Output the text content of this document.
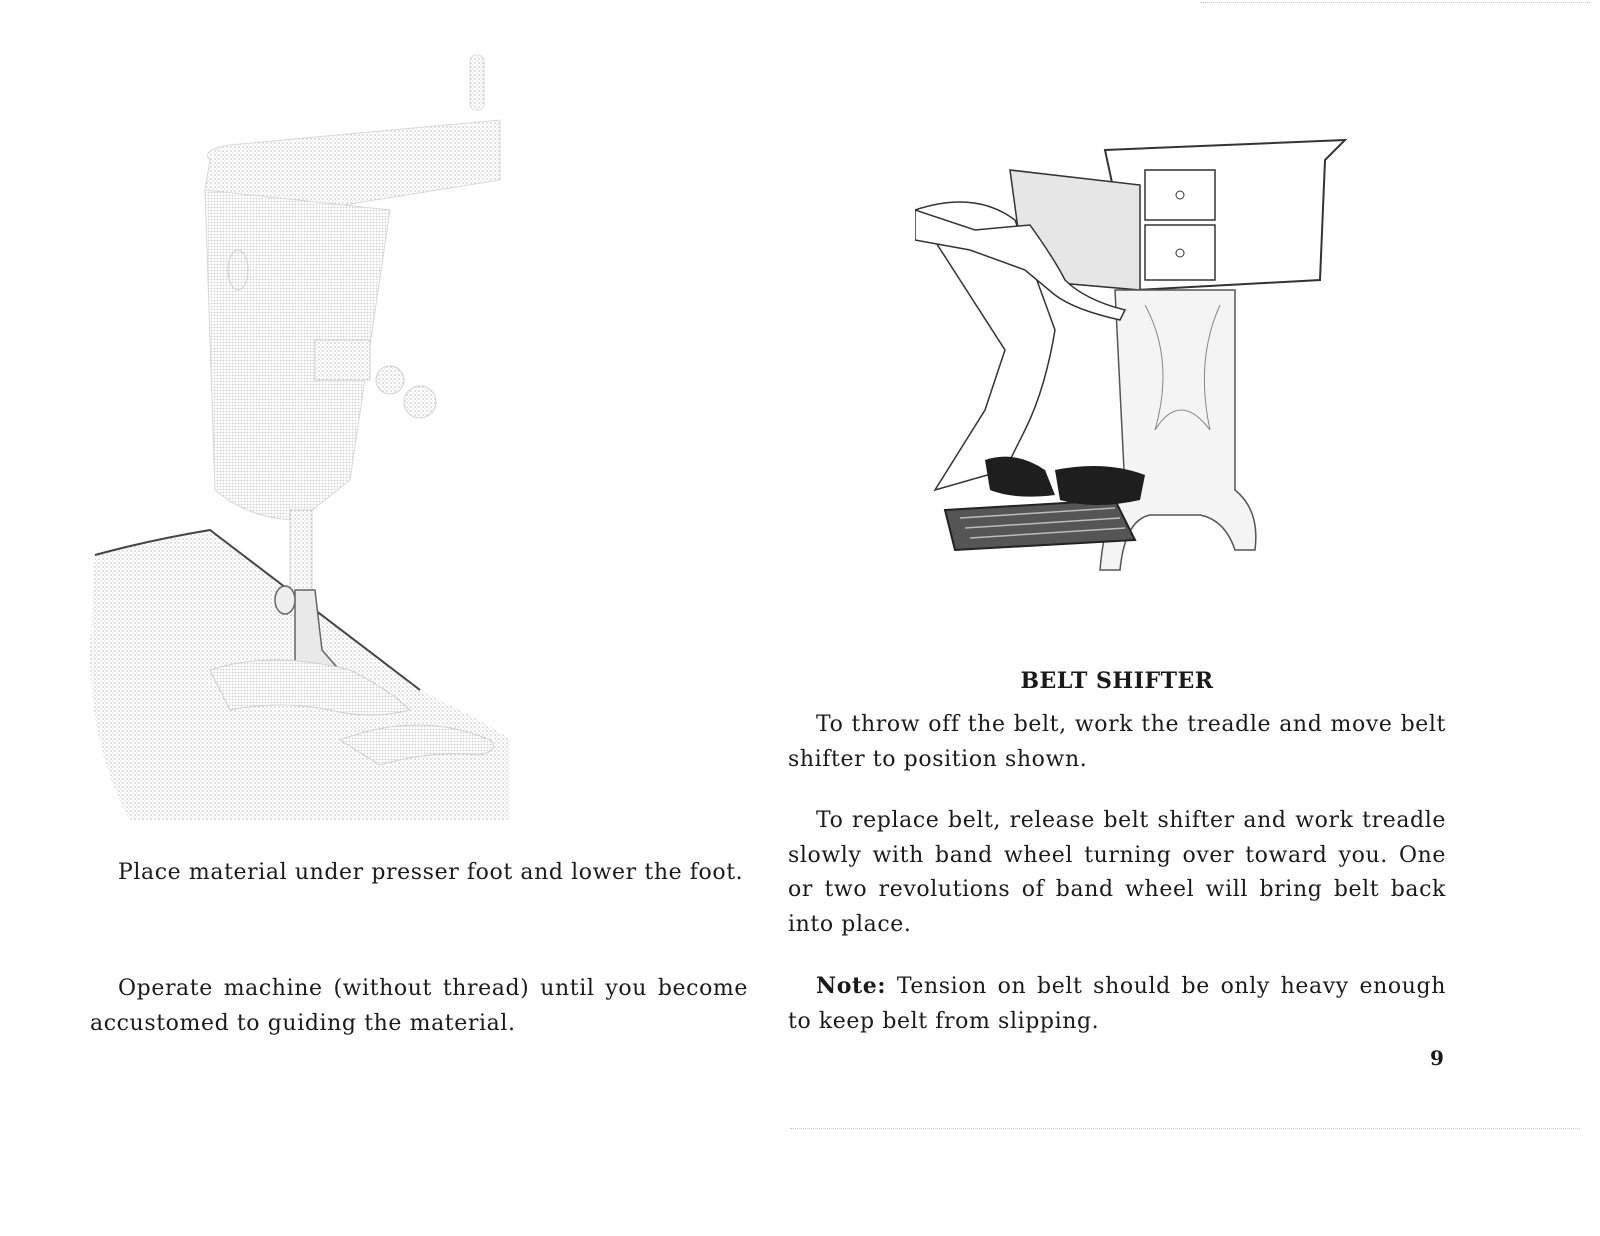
Place material under presser foot and lower the foot.

Operate machine (without thread) until you become accustomed to guiding the material.

BELT SHIFTER

To throw off the belt, work the treadle and move belt shifter to position shown.

To replace belt, release belt shifter and work treadle slowly with band wheel turning over toward you. One or two revolutions of band wheel will bring belt back into place.

Note: Tension on belt should be only heavy enough to keep belt from slipping.

9
